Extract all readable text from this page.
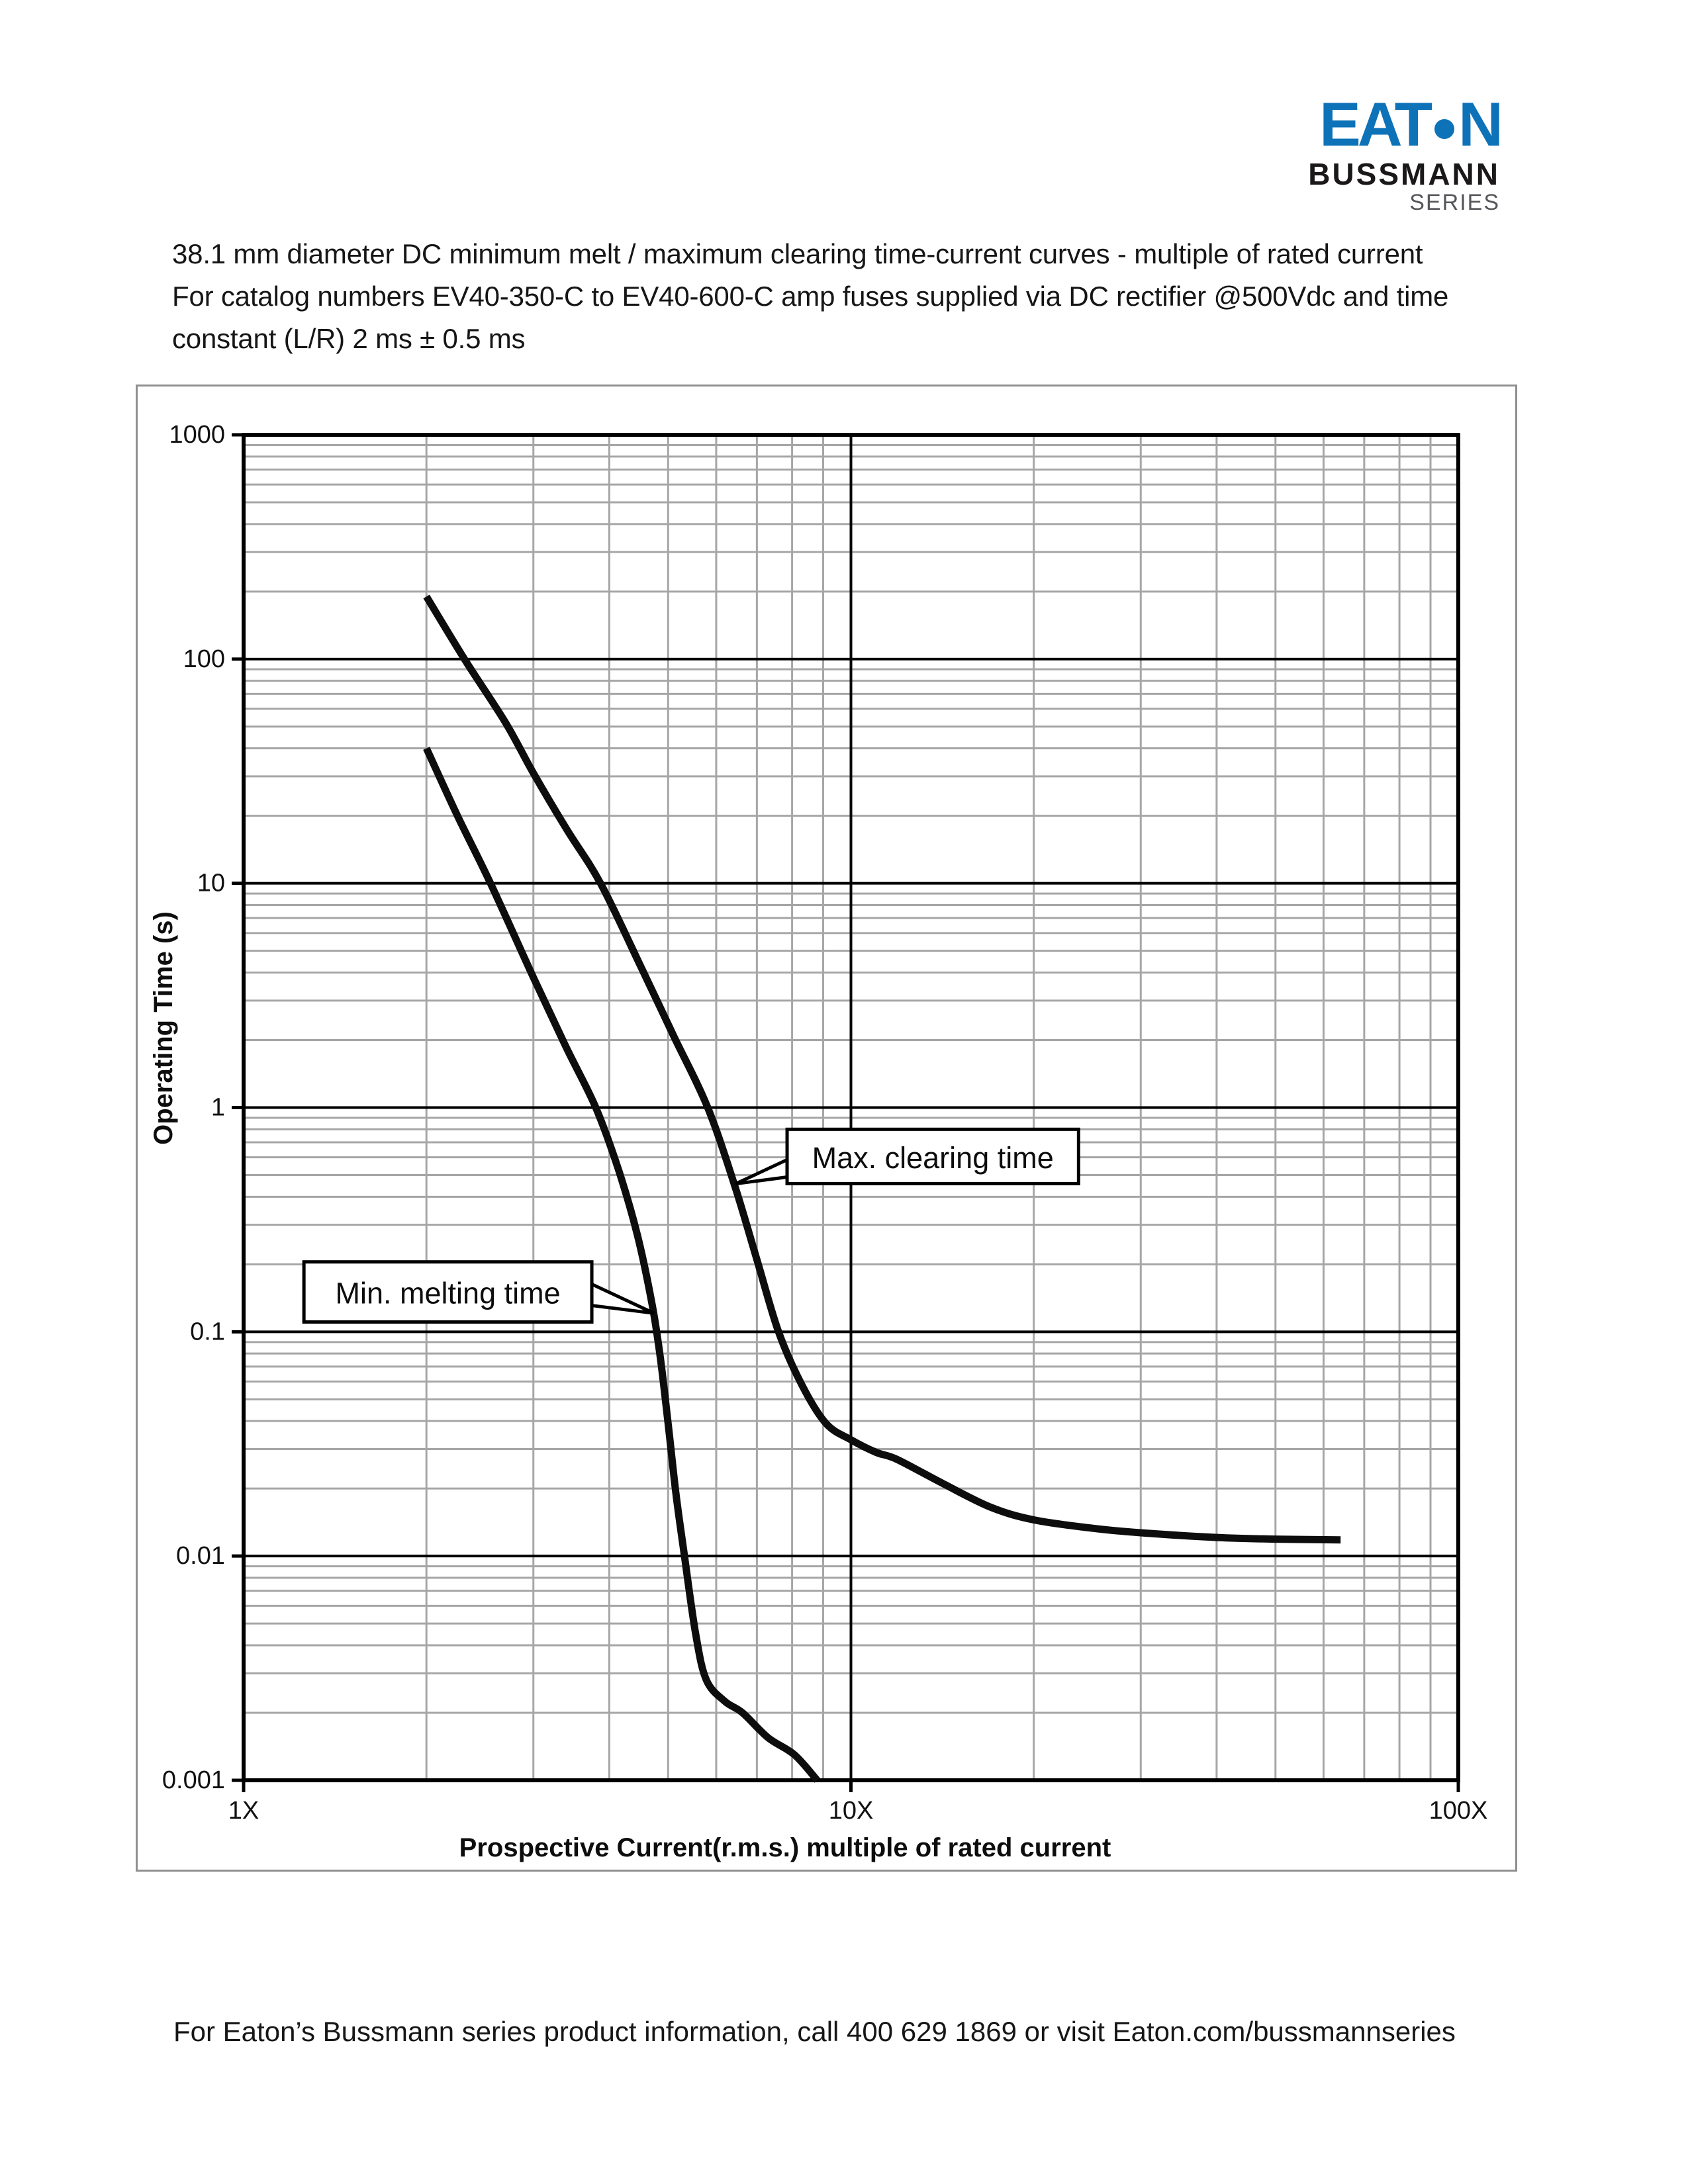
EAT N
BUSSMANN
SERIES
38.1 mm diameter DC minimum melt / maximum clearing time-current curves - multiple of rated current
For catalog numbers EV40-350-C to EV40-600-C amp fuses supplied via DC rectifier @500Vdc and time
constant (L/R) 2 ms ± 0.5 ms
Min. melting time
Max. clearing time
1000
100
10
1
0.1
0.01
0.001
1X	10X	100X
Prospective Current(r.m.s.) multiple of rated current
Operating Time (s)
For Eaton’s Bussmann series product information, call 400 629 1869 or visit Eaton.com/bussmannseries
